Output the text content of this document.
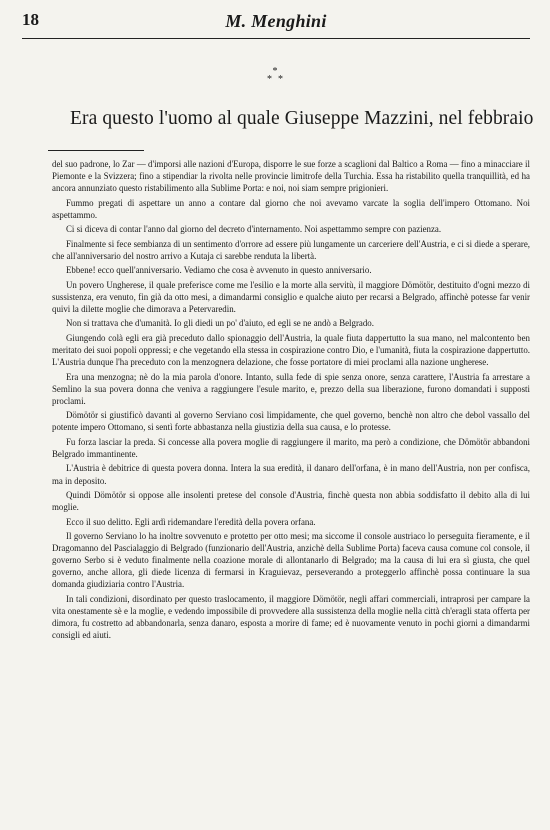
18	M. Menghini
*
**
Era questo l'uomo al quale Giuseppe Mazzini, nel febbraio

del suo padrone, lo Zar — d'imporsi alle nazioni d'Europa, disporre le sue forze a scaglioni dal Baltico a Roma — fino a minacciare il Piemonte e la Svizzera; fino a stipendiar la rivolta nelle provincie limitrofe della Turchia. Essa ha ristabilito quella tranquillità, ed ha ancora annunziato questo ristabilimento alla Sublime Porta: e noi, noi siam sempre prigionieri.

Fummo pregati di aspettare un anno a contare dal giorno che noi avevamo varcate la soglia dell'impero Ottomano. Noi aspettammo.

Ci si diceva di contar l'anno dal giorno del decreto d'internamento. Noi aspettammo sempre con pazienza.

Finalmente si fece sembianza di un sentimento d'orrore ad essere più lungamente un carceriere dell'Austria, e ci si diede a sperare, che all'anniversario del nostro arrivo a Kutaja ci sarebbe renduta la libertà.

Ebbene! ecco quell'anniversario. Vediamo che cosa è avvenuto in questo anniversario.

Un povero Ungherese, il quale preferisce come me l'esilio e la morte alla servitù, il maggiore Dömötör, destituito d'ogni mezzo di sussistenza, era venuto, fin già da otto mesi, a dimandarmi consiglio e qualche aiuto per recarsi a Belgrado, affinchè potesse far venir quivi la dilette moglie che dimorava a Petervaredin.

Non si trattava che d'umanità. Io gli diedi un po' d'aiuto, ed egli se ne andò a Belgrado.

Giungendo colà egli era già preceduto dallo spionaggio dell'Austria, la quale fiuta dappertutto la sua mano, nel malcontento ben meritato dei suoi popoli oppressi; e che vegetando ella stessa in cospirazione contro Dio, e l'umanità, fiuta la cospirazione dappertutto. L'Austria dunque l'ha preceduto con la menzognera delazione, che fosse portatore di miei proclami alla nazione ungherese.

Era una menzogna; nè do la mia parola d'onore. Intanto, sulla fede di spie senza onore, senza carattere, l'Austria fa arrestare a Semlino la sua povera donna che veniva a raggiungere l'esule marito, e, prezzo della sua liberazione, furono domandati i supposti proclami.

Dömötör si giustificò davanti al governo Serviano così limpidamente, che quel governo, benchè non altro che debol vassallo del potente impero Ottomano, si sentì forte abbastanza nella giustizia della sua causa, e lo protesse.

Fu forza lasciar la preda. Si concesse alla povera moglie di raggiungere il marito, ma però a condizione, che Dömötör abbandoni Belgrado immantinente.

L'Austria è debitrice di questa povera donna. Intera la sua eredità, il danaro dell'orfana, è in mano dell'Austria, non per confisca, ma in deposito.

Quindi Dömötör si oppose alle insolenti pretese del console d'Austria, finchè questa non abbia soddisfatto il debito alla di lui moglie.

Ecco il suo delitto. Egli ardì ridemandare l'eredità della povera orfana.

Il governo Serviano lo ha inoltre sovvenuto e protetto per otto mesi; ma siccome il console austriaco lo perseguita fieramente, e il Dragomanno del Pascialaggio di Belgrado (funzionario dell'Austria, anzichè della Sublime Porta) faceva causa comune col console, il governo Serbo si è veduto finalmente nella coazione morale di allontanarlo di Belgrado; ma la causa di lui era sì giusta, che quel governo, anche allora, gli diede licenza di fermarsi in Kraguievaz, perseverando a proteggerlo affinchè possa continuare la sua domanda giudiziaria contro l'Austria.

In tali condizioni, disordinato per questo traslocamento, il maggiore Dömötör, negli affari commerciali, intraprosi per campare la vita onestamente sè e la moglie, e vedendo impossibile di provvedere alla sussistenza della moglie nella città ch'eragli stata offerta per dimora, fu costretto ad abbandonarla, senza danaro, esposta a morire di fame; ed è nuovamente venuto in pochi giorni a dimandarmi consigli ed aiuti.
